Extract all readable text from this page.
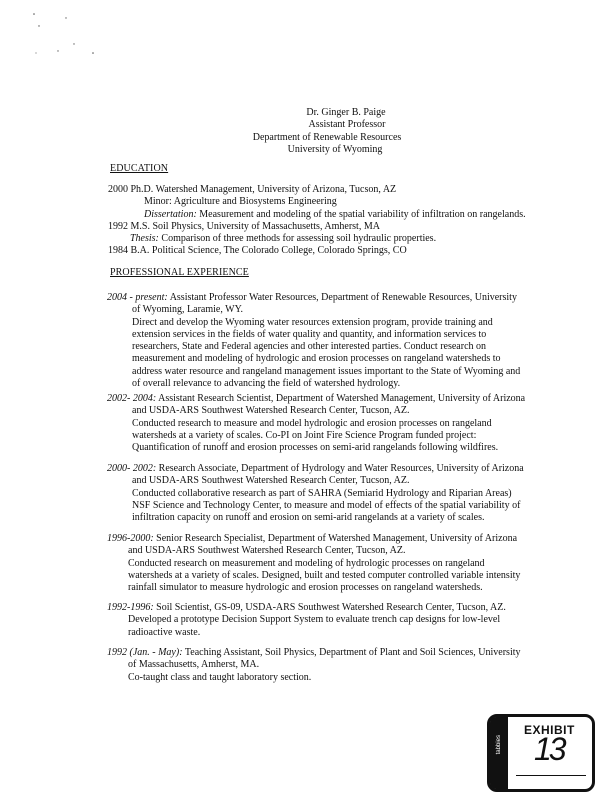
Dr. Ginger B. Paige
Assistant Professor
Department of Renewable Resources
University of Wyoming
EDUCATION
2000 Ph.D. Watershed Management, University of Arizona, Tucson, AZ
Minor: Agriculture and Biosystems Engineering
Dissertation: Measurement and modeling of the spatial variability of infiltration on rangelands.
1992 M.S. Soil Physics, University of Massachusetts, Amherst, MA
Thesis: Comparison of three methods for assessing soil hydraulic properties.
1984 B.A. Political Science, The Colorado College, Colorado Springs, CO
PROFESSIONAL EXPERIENCE
2004 - present: Assistant Professor Water Resources, Department of Renewable Resources, University
of Wyoming, Laramie, WY.
Direct and develop the Wyoming water resources extension program, provide training and
extension services in the fields of water quality and quantity, and information services to
researchers, State and Federal agencies and other interested parties. Conduct research on
measurement and modeling of hydrologic and erosion processes on rangeland watersheds to
address water resource and rangeland management issues important to the State of Wyoming and
of overall relevance to advancing the field of watershed hydrology.
2002- 2004: Assistant Research Scientist, Department of Watershed Management, University of Arizona
and USDA-ARS Southwest Watershed Research Center, Tucson, AZ.
Conducted research to measure and model hydrologic and erosion processes on rangeland
watersheds at a variety of scales. Co-PI on Joint Fire Science Program funded project:
Quantification of runoff and erosion processes on semi-arid rangelands following wildfires.
2000- 2002: Research Associate, Department of Hydrology and Water Resources, University of Arizona
and USDA-ARS Southwest Watershed Research Center, Tucson, AZ.
Conducted collaborative research as part of SAHRA (Semiarid Hydrology and Riparian Areas)
NSF Science and Technology Center, to measure and model of effects of the spatial variability of
infiltration capacity on runoff and erosion on semi-arid rangelands at a variety of scales.
1996-2000: Senior Research Specialist, Department of Watershed Management, University of Arizona
and USDA-ARS Southwest Watershed Research Center, Tucson, AZ.
Conducted research on measurement and modeling of hydrologic processes on rangeland
watersheds at a variety of scales. Designed, built and tested computer controlled variable intensity
rainfall simulator to measure hydrologic and erosion processes on rangeland watersheds.
1992-1996: Soil Scientist, GS-09, USDA-ARS Southwest Watershed Research Center, Tucson, AZ.
Developed a prototype Decision Support System to evaluate trench cap designs for low-level
radioactive waste.
1992 (Jan. - May): Teaching Assistant, Soil Physics, Department of Plant and Soil Sciences, University
of Massachusetts, Amherst, MA.
Co-taught class and taught laboratory section.
tabbies
EXHIBIT
13
